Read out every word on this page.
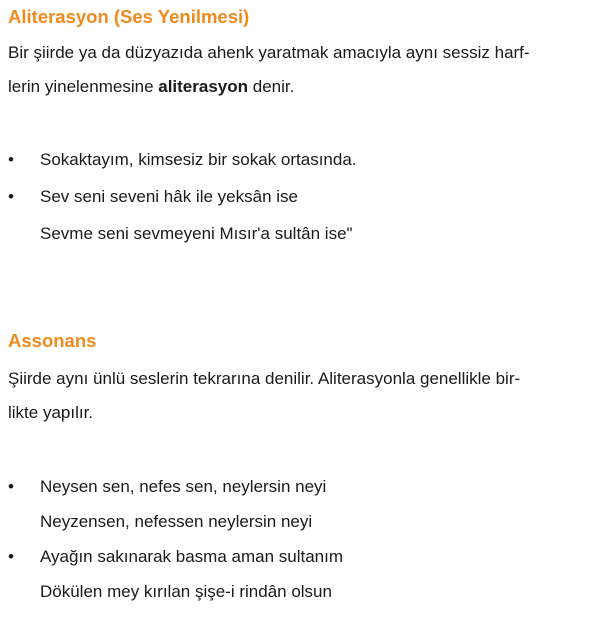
Aliterasyon (Ses Yenilmesi)
Bir şiirde ya da düzyazıda ahenk yaratmak amacıyla aynı sessiz harf-
lerin yinelenmesine aliterasyon denir.
• Sokaktayım, kimsesiz bir sokak ortasında.
• Sev seni seveni hâk ile yeksân ise
Sevme seni sevmeyeni Mısır'a sultân ise"
Assonans
Şiirde aynı ünlü seslerin tekrarına denilir. Aliterasyonla genellikle bir-
likte yapılır.
• Neysen sen, nefes sen, neylersin neyi
Neyzensen, nefessen neylersin neyi
• Ayağın sakınarak basma aman sultanım
Dökülen mey kırılan şişe-i rindân olsun
